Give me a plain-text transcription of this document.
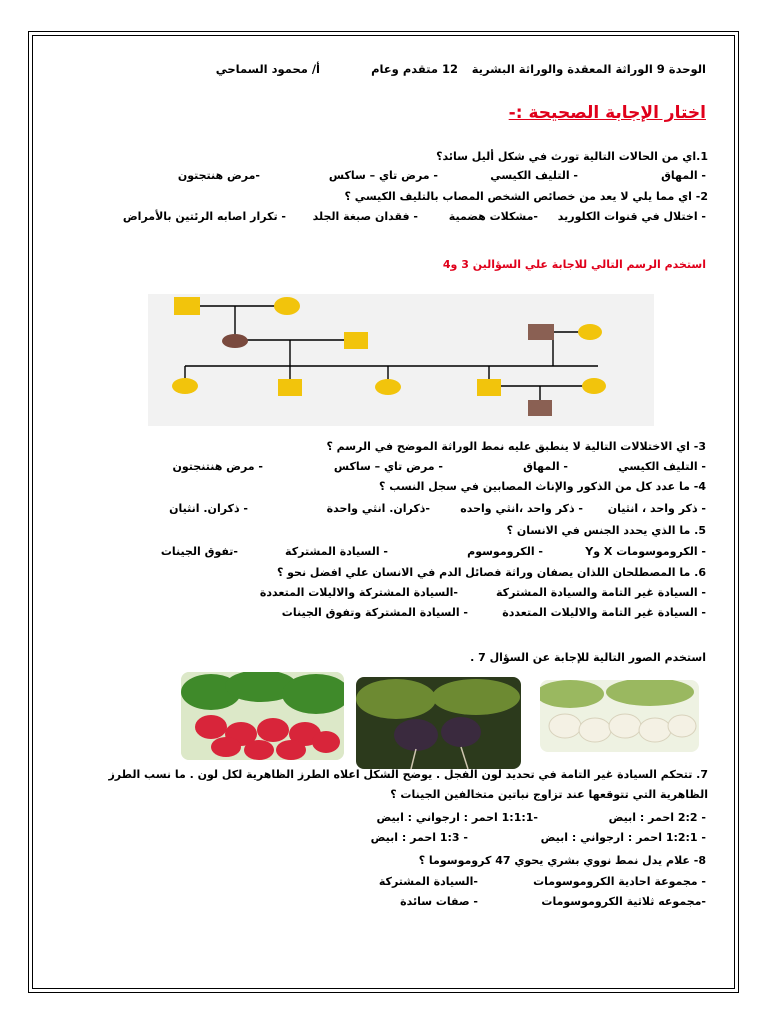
الوحدة 9 الوراثة المعقدة والوراثة البشرية
12 متقدم وعام
أ/ محمود السماحي
اختار الإجابة الصحيحة :-
1.اي من الحالات التالية تورث في شكل أليل سائد؟
- المهاق
- التليف الكيسي
- مرض تاي – ساكس
-مرض هنتجتون
2- اي مما يلي لا يعد من خصائص الشخص المصاب بالتليف الكيسي ؟
- اختلال في قنوات الكلوريد
-مشكلات هضمية
- فقدان صبغة الجلد
- تكرار اصابه الرئتين بالأمراض
استخدم الرسم التالي للاجابة علي السؤالين 3 و4
3- اي الاختلالات التالية لا ينطبق عليه نمط الوراثة الموضح في الرسم ؟
- التليف الكيسي
- المهاق
- مرض تاي – ساكس
- مرض هنتنجتون
4- ما عدد كل من الذكور والإناث المصابين في سجل النسب ؟
- ذكر واحد ، انثيان
- ذكر واحد ،انثي واحده
-ذكران. انثي واحدة
- ذكران. انثيان
5. ما الذي يحدد الجنس في الانسان ؟
- الكروموسومات X وY
- الكروموسوم
- السيادة المشتركة
-تفوق الجينات
6. ما المصطلحان اللذان يصفان وراثة فصائل الدم في الانسان علي افضل نحو ؟
- السيادة غير التامة والسيادة المشتركة
-السيادة المشتركة والاليلات المتعددة
- السيادة غير التامة والاليلات المتعددة
- السيادة المشتركة وتفوق الجينات
استخدم الصور التالية للإجابة عن السؤال 7 .
7. تتحكم السيادة غير التامة في تحديد لون الفجل . يوضح الشكل اعلاه الطرز الظاهرية لكل لون . ما نسب الطرز
الظاهرية التي تتوقعها عند تزاوج نباتين متخالفين الجينات ؟
- 2:2 احمر : ابيض
-1:1:1 احمر : ارجواني : ابيض
- 1:2:1 احمر : ارجواني : ابيض
- 1:3 احمر : ابيض
8- علام يدل نمط نووي بشري يحوي 47 كروموسوما ؟
- مجموعة احادية الكروموسومات
-السيادة المشتركة
-مجموعه ثلاثية الكروموسومات
- صفات سائدة
